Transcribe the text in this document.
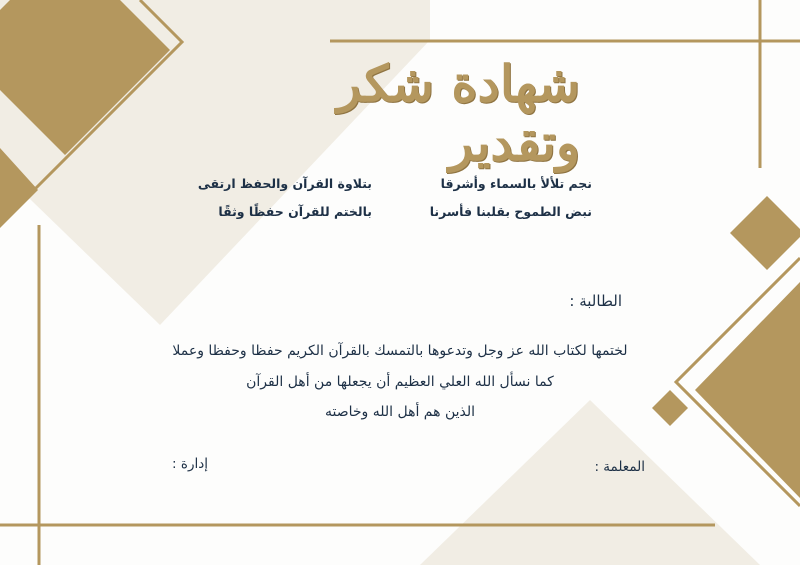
شهادة شكر وتقدير
نجم تلألأ بالسماء وأشرقا
بتلاوة القرآن والحفظ ارتقى
نبض الطموح بقلبنا فأسرنا
بالختم للقرآن حفظًا وثقًا
الطالبة :
لختمها لكتاب الله عز وجل وتدعوها بالتمسك بالقرآن الكريم حفظا وحفظا وعملا
كما نسأل الله العلي العظيم أن يجعلها من أهل القرآن
الذين هم أهل الله وخاصته
المعلمة :
إدارة :
